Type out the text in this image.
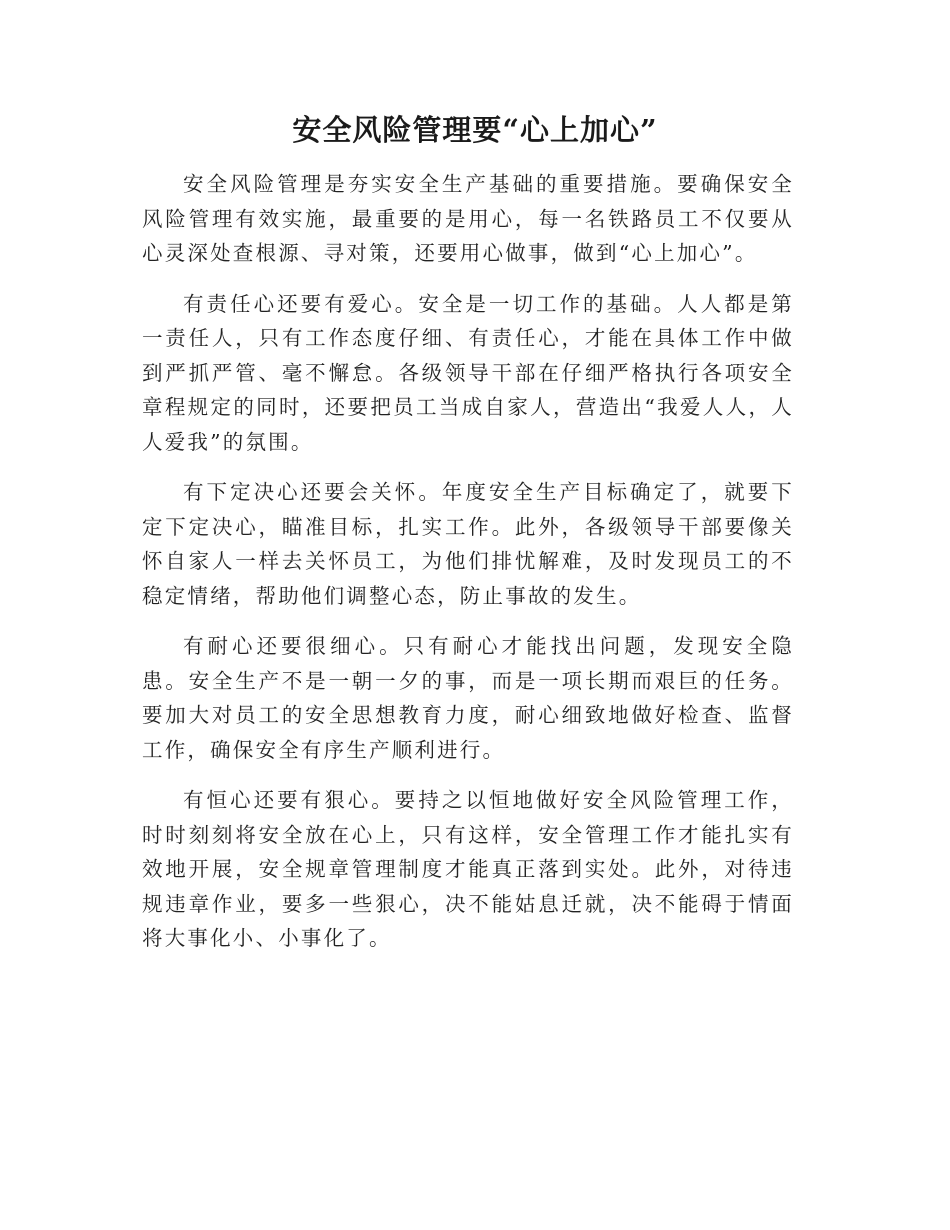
安全风险管理要“心上加心”

安全风险管理是夯实安全生产基础的重要措施。要确保安全风险管理有效实施，最重要的是用心，每一名铁路员工不仅要从心灵深处查根源、寻对策，还要用心做事，做到“心上加心”。

有责任心还要有爱心。安全是一切工作的基础。人人都是第一责任人，只有工作态度仔细、有责任心，才能在具体工作中做到严抓严管、毫不懈怠。各级领导干部在仔细严格执行各项安全章程规定的同时，还要把员工当成自家人，营造出“我爱人人，人人爱我”的氛围。

有下定决心还要会关怀。年度安全生产目标确定了，就要下定下定决心，瞄准目标，扎实工作。此外，各级领导干部要像关怀自家人一样去关怀员工，为他们排忧解难，及时发现员工的不稳定情绪，帮助他们调整心态，防止事故的发生。

有耐心还要很细心。只有耐心才能找出问题，发现安全隐患。安全生产不是一朝一夕的事，而是一项长期而艰巨的任务。要加大对员工的安全思想教育力度，耐心细致地做好检查、监督工作，确保安全有序生产顺利进行。

有恒心还要有狠心。要持之以恒地做好安全风险管理工作，时时刻刻将安全放在心上，只有这样，安全管理工作才能扎实有效地开展，安全规章管理制度才能真正落到实处。此外，对待违规违章作业，要多一些狠心，决不能姑息迁就，决不能碍于情面将大事化小、小事化了。
